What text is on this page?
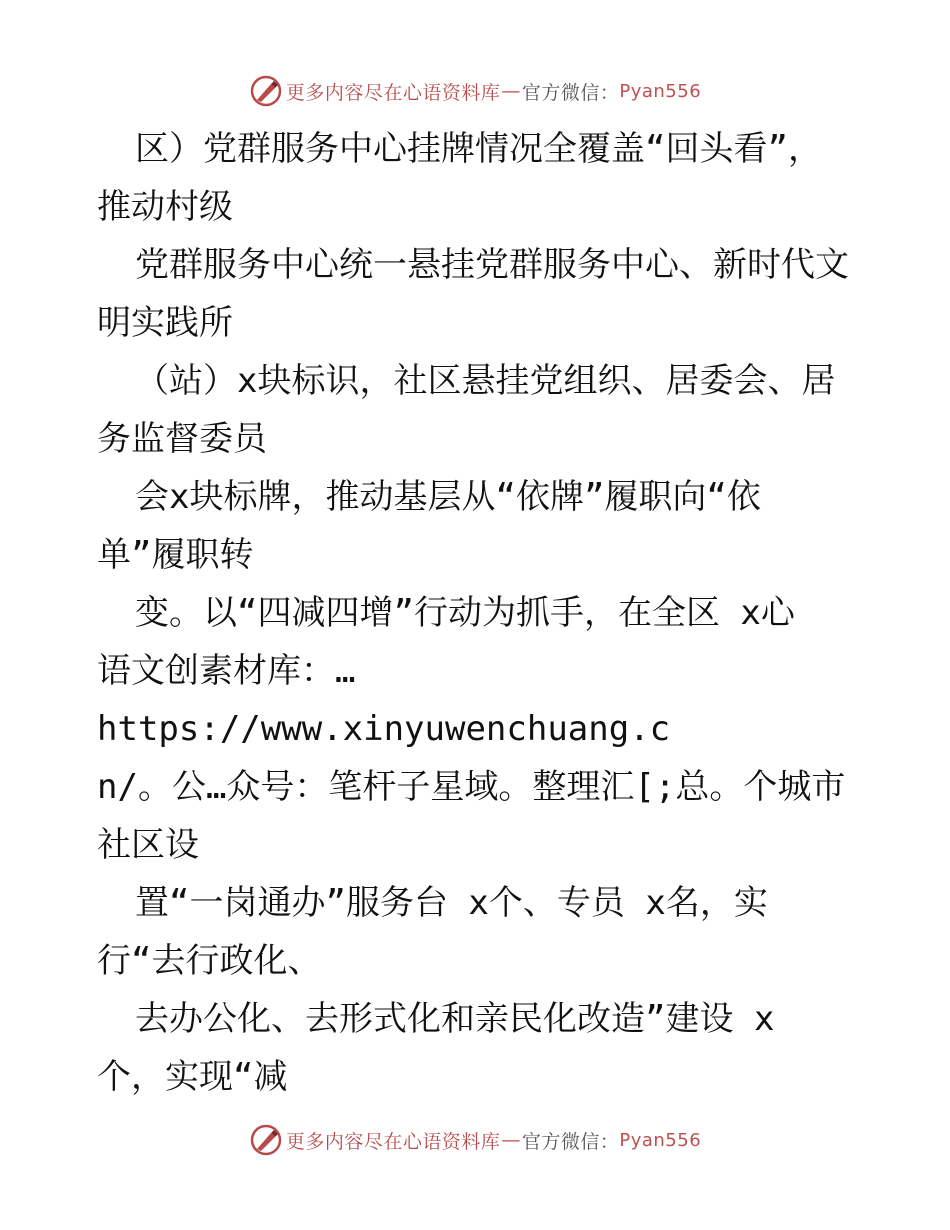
更多内容尽在心语资料库 — 官方微信： Pyan556

区）党群服务中心挂牌情况全覆盖“回头看”，

推动村级

党群服务中心统一悬挂党群服务中心、新时代文

明实践所

（站）x块标识，社区悬挂党组织、居委会、居

务监督委员

会x块标牌，推动基层从“依牌”履职向“依

单”履职转

变。以“四减四增”行动为抓手，在全区 x心

语文创素材库：…https://www.xinyuwenchuang.c

n/。公…众号：笔杆子星域。整理汇[;总。个城市

社区设

置“一岗通办”服务台 x个、专员 x名，实

行“去行政化、

去办公化、去形式化和亲民化改造”建设 x

个，实现“减

更多内容尽在心语资料库 — 官方微信： Pyan556
